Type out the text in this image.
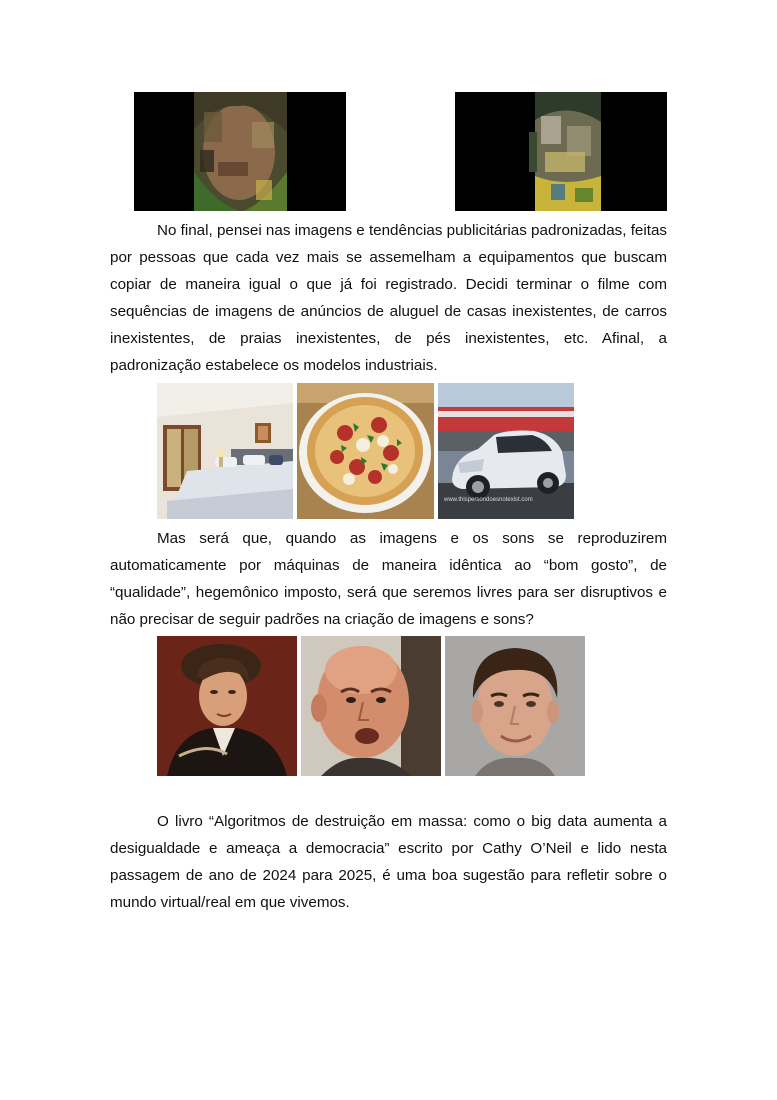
No final, pensei nas imagens e tendências publicitárias padronizadas, feitas por pessoas que cada vez mais se assemelham a equipamentos que buscam copiar de maneira igual o que já foi registrado. Decidi terminar o filme com sequências de imagens de anúncios de aluguel de casas inexistentes, de carros inexistentes, de praias inexistentes, de pés inexistentes, etc. Afinal, a padronização estabelece os modelos industriais.

www.thispersondoesnotexist.com

Mas será que, quando as imagens e os sons se reproduzirem automaticamente por máquinas de maneira idêntica ao “bom gosto”, de “qualidade”, hegemônico imposto, será que seremos livres para ser disruptivos e não precisar de seguir padrões na criação de imagens e sons?

O livro “Algoritmos de destruição em massa: como o big data aumenta a desigualdade e ameaça a democracia” escrito por Cathy O’Neil e lido nesta passagem de ano de 2024 para 2025, é uma boa sugestão para refletir sobre o mundo virtual/real em que vivemos.
